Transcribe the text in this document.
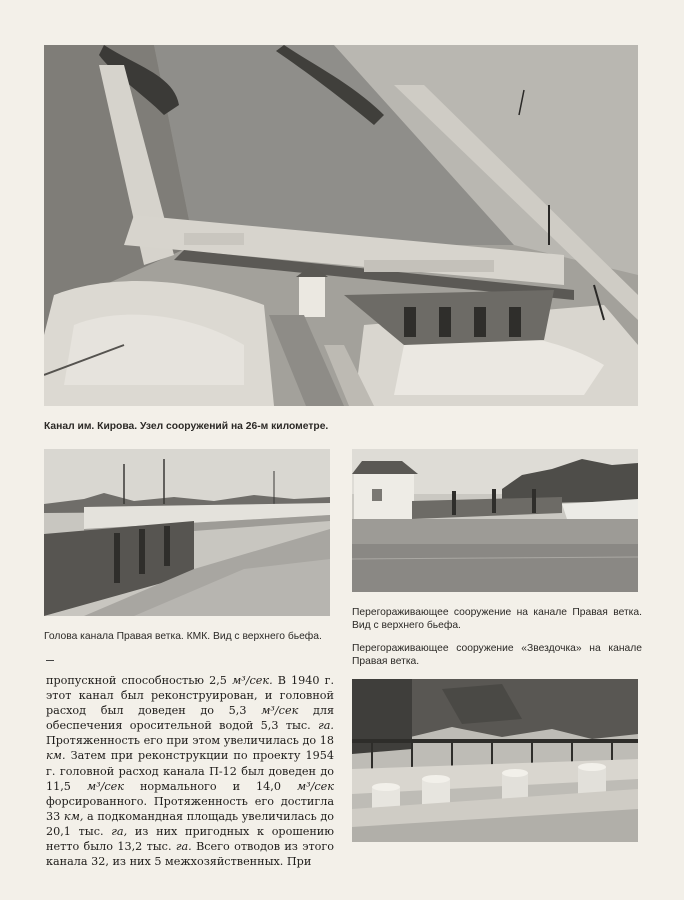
Канал им. Кирова. Узел сооружений на 26-м километре.

Голова канала Правая ветка. КМК. Вид с верхнего бьефа.

Перегораживающее сооружение на канале Правая ветка. Вид с верхнего бьефа.

Перегораживающее сооружение «Звездочка» на канале Правая ветка.

пропускной способностью 2,5 м³/сек. В 1940 г. этот канал был реконструирован, и головной расход был доведен до 5,3 м³/сек для обеспечения оросительной водой 5,3 тыс. га. Протяженность его при этом увеличилась до 18 км. Затем при реконструкции по проекту 1954 г. головной расход канала П-12 был доведен до 11,5 м³/сек нормального и 14,0 м³/сек форсированного. Протяженность его достигла 33 км, а подкомандная площадь увеличилась до 20,1 тыс. га, из них пригодных к орошению нетто было 13,2 тыс. га. Всего отводов из этого канала 32, из них 5 межхозяйственных. При
